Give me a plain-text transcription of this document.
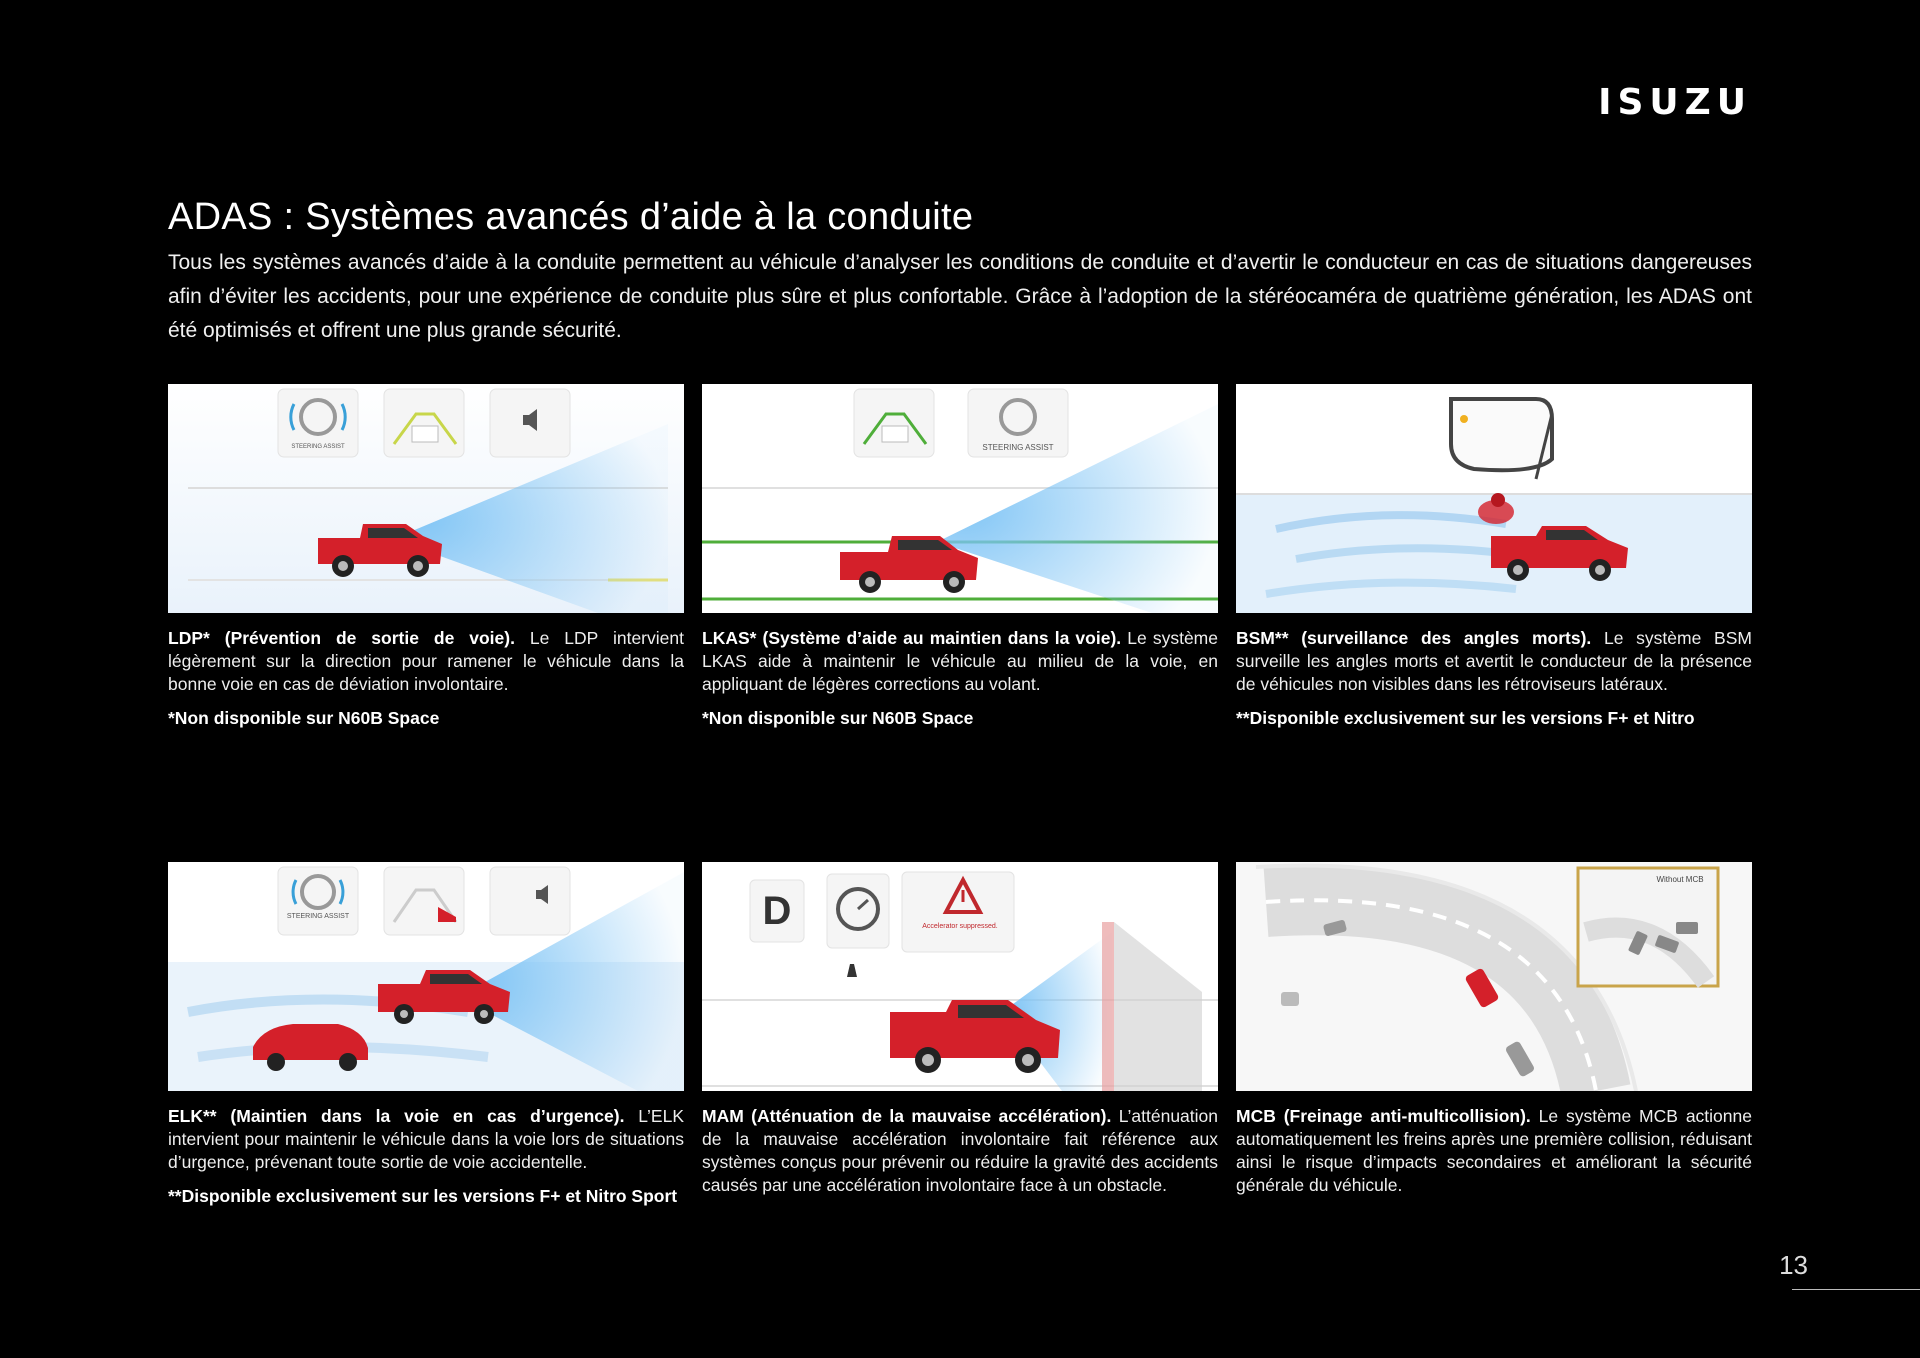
ISUZU
ADAS : Systèmes avancés d’aide à la conduite

Tous les systèmes avancés d’aide à la conduite permettent au véhicule d’analyser les conditions de conduite et d’avertir le conducteur en cas de situations dangereuses afin d’éviter les accidents, pour une expérience de conduite plus sûre et plus confortable. Grâce à l’adoption de la stéréocaméra de quatrième génération, les ADAS ont été optimisés et offrent une plus grande sécurité.

STEERING ASSIST
LDP* (Prévention de sortie de voie). Le LDP intervient légèrement sur la direction pour ramener le véhicule dans la bonne voie en cas de déviation involontaire.
*Non disponible sur N60B Space
STEERING ASSIST
LKAS* (Système d’aide au maintien dans la voie). Le système LKAS aide à maintenir le véhicule au milieu de la voie, en appliquant de légères corrections au volant.
*Non disponible sur N60B Space
BSM** (surveillance des angles morts). Le système BSM surveille les angles morts et avertit le conducteur de la présence de véhicules non visibles dans les rétroviseurs latéraux.
**Disponible exclusivement sur les versions F+ et Nitro
STEERING ASSIST
ELK** (Maintien dans la voie en cas d’urgence). L’ELK intervient pour maintenir le véhicule dans la voie lors de situations d’urgence, prévenant toute sortie de voie accidentelle.
**Disponible exclusivement sur les versions F+ et Nitro Sport
D	Accelerator suppressed.
MAM (Atténuation de la mauvaise accélération). L’atténuation de la mauvaise accélération involontaire fait référence aux systèmes conçus pour prévenir ou réduire la gravité des accidents causés par une accélération involontaire face à un obstacle.
Without MCB
MCB (Freinage anti-multicollision). Le système MCB actionne automatiquement les freins après une première collision, réduisant ainsi le risque d’impacts secondaires et améliorant la sécurité générale du véhicule.
13
